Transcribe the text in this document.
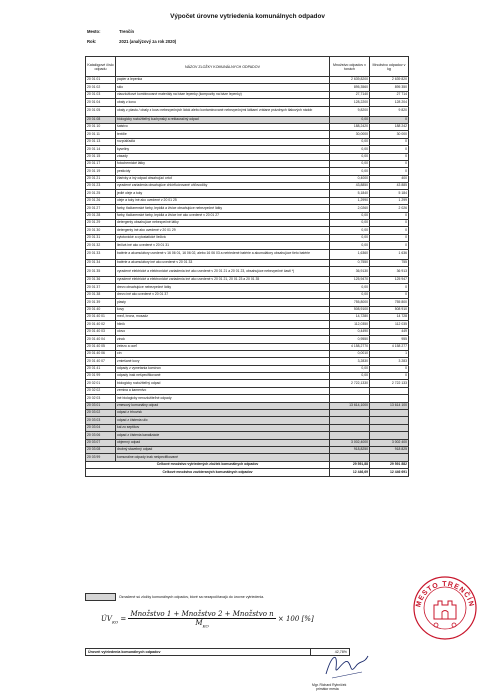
Výpočet úrovne vytriedenia komunálnych odpadov
Mesto:	Trenčín
Rok:	2021 (analýzový za rok 2020)
Katalógové číslo odpadu	NÁZOV ZLOŽKY KOMUNÁLNYCH ODPADOV	Množstvo odpadov v tonách	Množstvo odpadov v kg
20 01 01	papier a lepenka	2 639,8200	2 639 820
20 01 02	sklo	895,3560	895 350
20 01 03	viaczložkové kombinované materiály na báze lepenky (kompozity na báze lepenky)	27,7140	27 714
20 01 04	obaly z kovu	128,2200	128 204
20 01 05	obaly z plastu / obaly z kovu nebezpečných látok alebo kontaminované nebezpečnými látkami vrátane prázdnych tlakových nádob	9,8200	9 820
20 01 08	biologicky rozložiteľný kuchynský a reštauračný odpad	0,00	0
20 01 10	šatstvo	188,2420	188 242
20 01 11	textílie	30,0000	30 000
20 01 13	rozpúšťadlá	0,00	0
20 01 14	kyseliny	0,00	0
20 01 15	zásady	0,00	0
20 01 17	fotochemické látky	0,00	0
20 01 19	pesticídy	0,00	0
20 01 21	žiarivky a iný odpad obsahujúci ortuť	0,4000	400
20 01 23	vyradené zariadenia obsahujúce chlórfluórované uhľovodíky	43,8850	43 885
20 01 25	jedlé oleje a tuky	5,1840	5 184
20 01 26	oleje a tuky iné ako uvedené v 20 01 25	1,2990	1 299
20 01 27	farby, tlačiarenské farby, lepidlá a živice obsahujúce nebezpečné látky	2,0260	2 026
20 01 28	farby, tlačiarenské farby, lepidlá a živice iné ako uvedené v 20 01 27	0,00	0
20 01 29	detergenty obsahujúce nebezpečné látky	0,00	0
20 01 30	detergenty iné ako uvedené v 20 01 29	0,00	0
20 01 31	cytotoxické a cytostatické liečivá	0,00	0
20 01 32	liečivá iné ako uvedené v 20 01 31	0,00	0
20 01 33	batérie a akumulátory uvedené v 16 06 01, 16 06 02, alebo 16 06 03 a netriedené batérie a akumulátory obsahujúce tieto batérie	1,6360	1 636
20 01 34	batérie a akumulátory iné ako uvedené v 20 01 33	0,7550	755
20 01 35	vyradené elektrické a elektronické zariadenia iné ako uvedené v 20 01 21 a 20 01 23, obsahujúce nebezpečné časti *)	36,9130	36 913
20 01 36	vyradené elektrické a elektronické zariadenia iné ako uvedené v 20 01 21, 20 01 23 a 20 01 35	125,9470	125 947
20 01 37	drevo obsahujúce nebezpečné látky	0,00	0
20 01 38	drevo iné ako uvedené v 20 01 37	0,00	0
20 01 39	plasty	755,8000	755 800
20 01 40	kovy	508,9100	508 910
20 01 40 01	meď, bronz, mosadz	14,7280	14 728
20 01 40 02	hliník	112,0350	112 035
20 01 40 03	olovo	0,4490	449
20 01 40 04	zinok	0,9550	955
20 01 40 05	železo a oceľ	4 158,2770	4 158 277
20 01 40 06	cín	0,0010	1
20 01 40 07	zmiešané kovy	3,2830	3 283
20 01 41	odpady z vymetania komínov	0,00	0
20 01 99	odpady inak nešpecifikované	0,00	0
20 02 01	biologicky rozložiteľný odpad	2 722,1330	2 722 133
20 02 02	zemina a kamenivo		
20 02 03	iné biologicky nerozložiteľné odpady		
20 03 01	zmesový komunálny odpad	13 614,1000	13 614 100
20 03 02	odpad z trhovísk		
20 03 03	odpad z čistenia ulíc		
20 03 04	kal zo septikov		
20 03 06	odpad z čistenia kanalizácie		
20 03 07	objemný odpad	3 002,4000	3 002 400
20 03 08	drobný stavebný odpad	918,8250	918 825
20 03 99	komunálne odpady inak nešpecifikované		
Celkové množstvo vytriedených zložiek komunálnych odpadov		29 591,88	29 591 882
Celkové množstvo zozbieraných komunálnych odpadov		12 446,69	12 446 691
Označené sú zložky komunálnych odpadov, ktoré sa nezapočítavajú do úrovne vytriedenia.
$ÚV_{KO} = \frac{\text{Množstvo 1 + Množstvo 2 + Množstvo n}}{M_{KO}} \times 100$ [%]
Úroveň vytriedenia komunálnych odpadov	42,78%
MESTO TRENČÍN
Mgr. Richard Rybníček
primátor mesta
